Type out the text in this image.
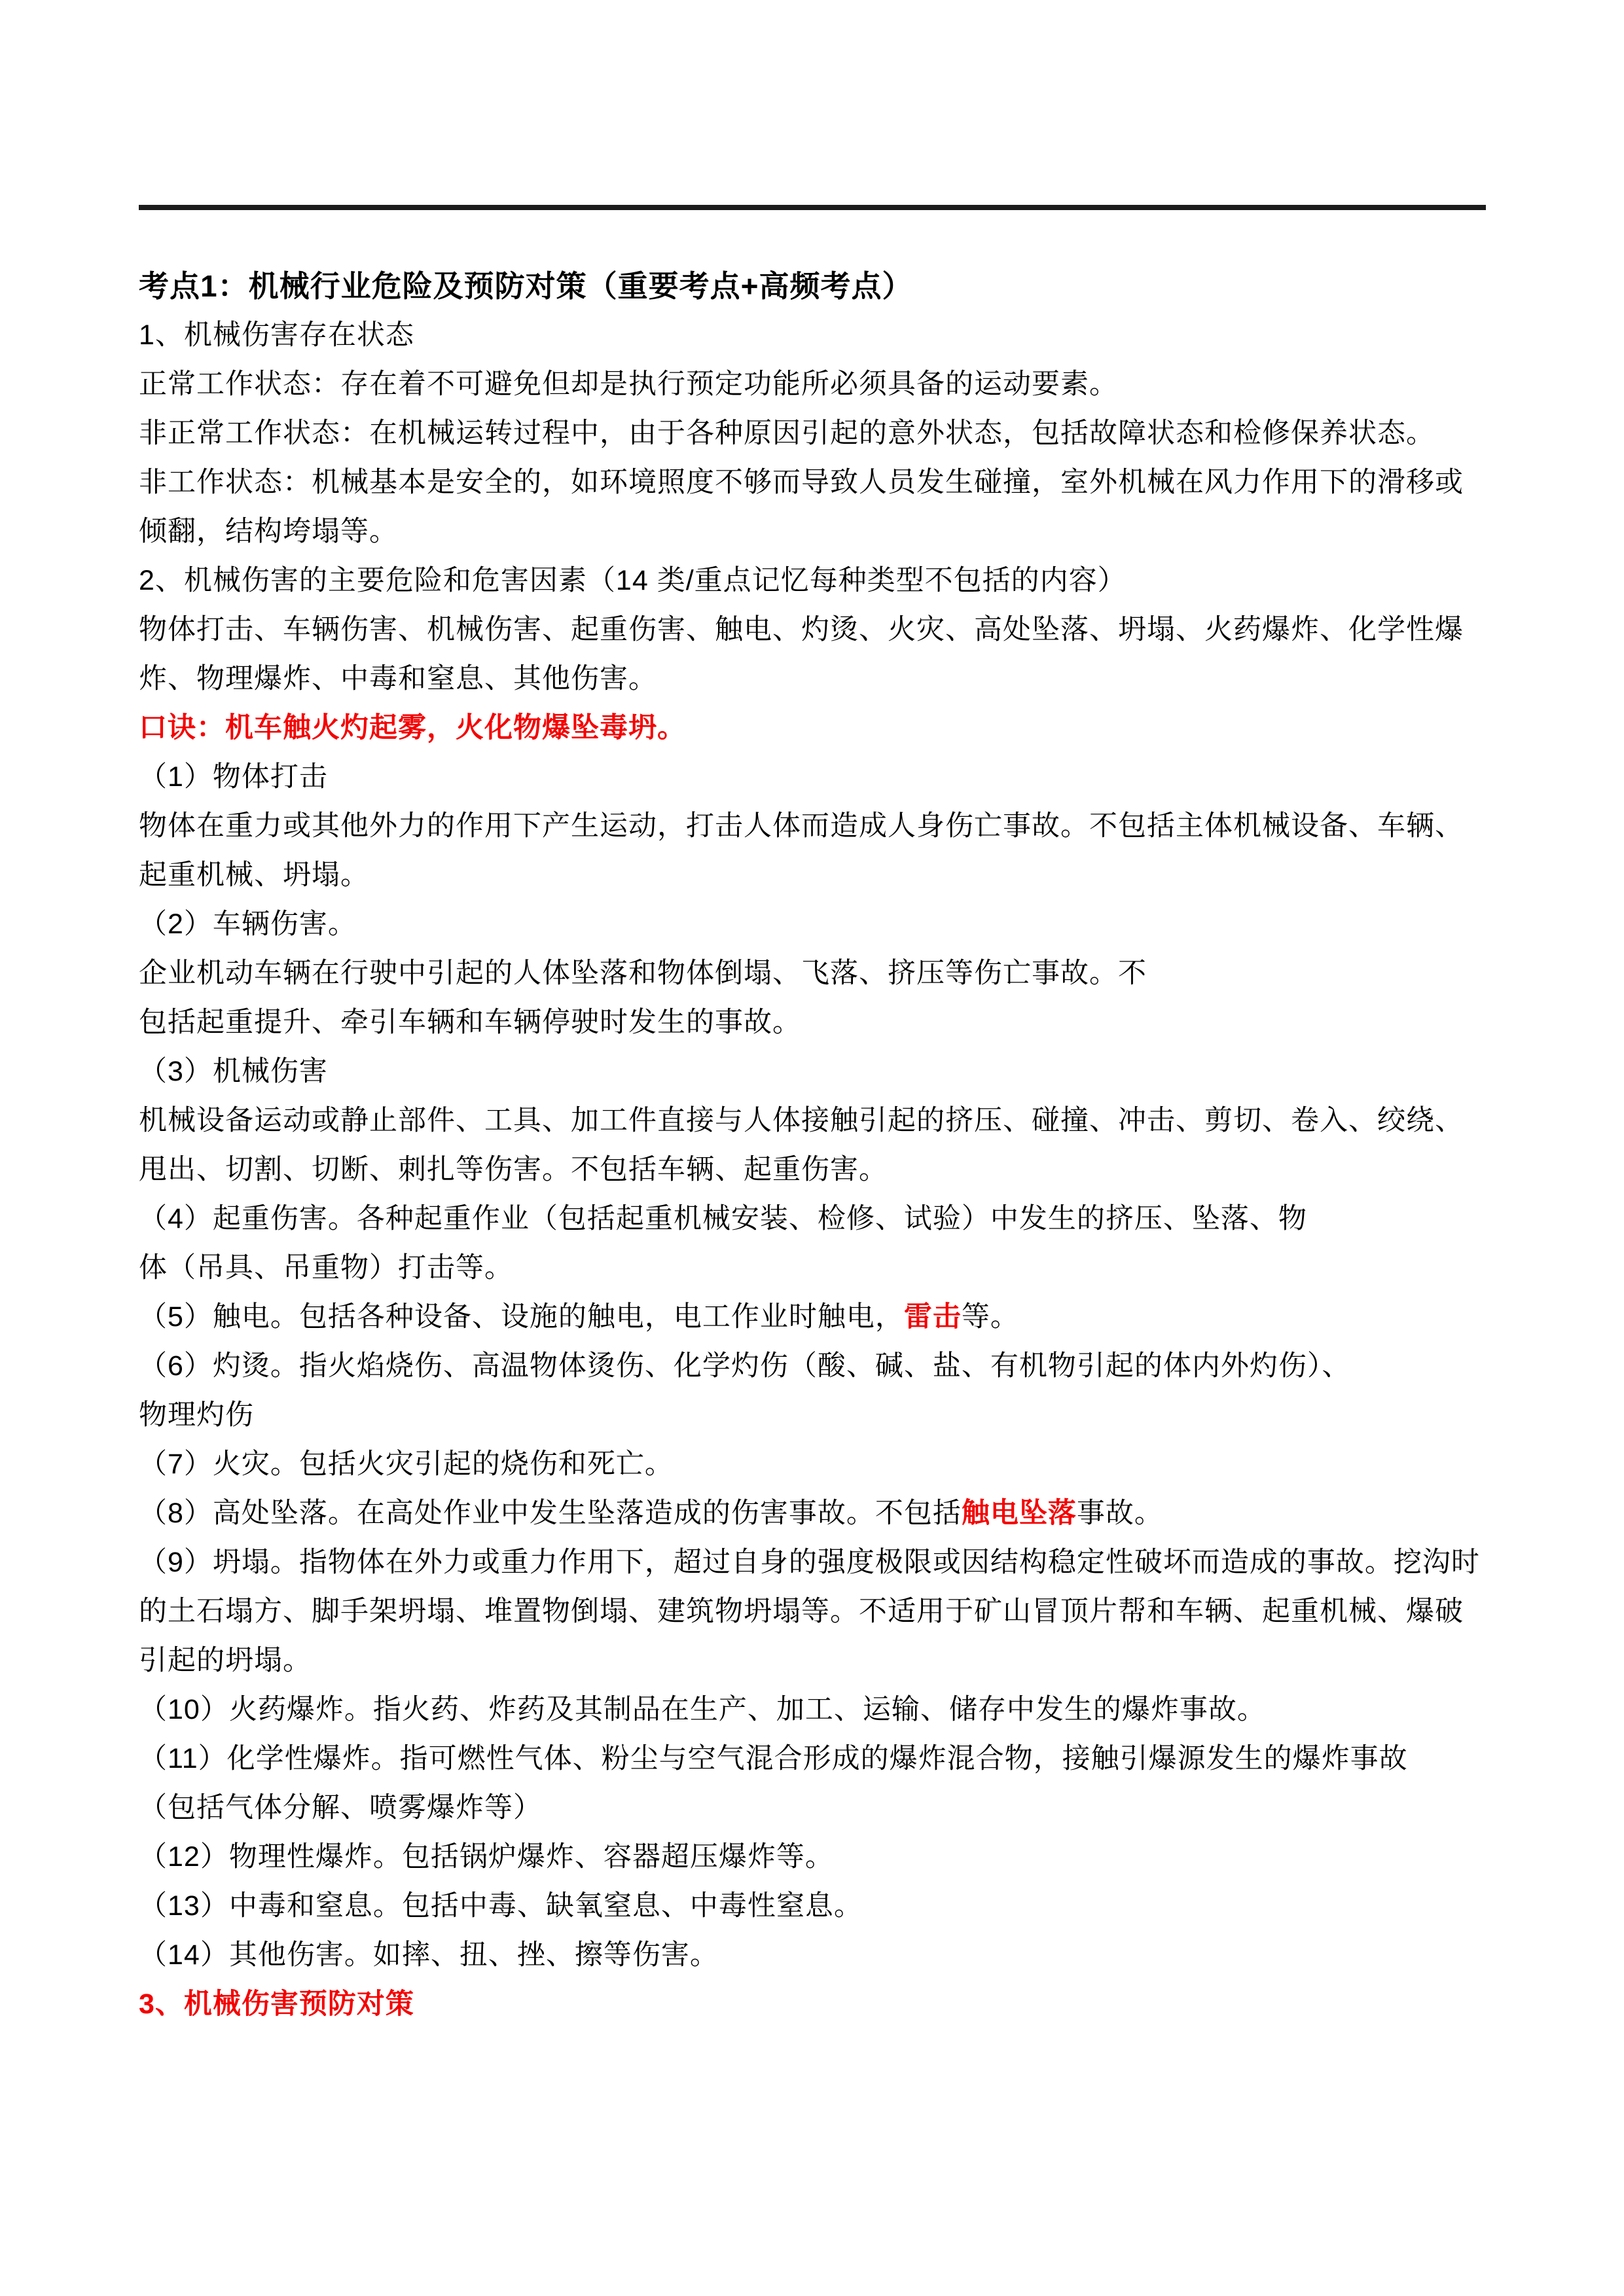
考点1：机械行业危险及预防对策（重要考点+高频考点）
1、机械伤害存在状态
正常工作状态：存在着不可避免但却是执行预定功能所必须具备的运动要素。
非正常工作状态：在机械运转过程中，由于各种原因引起的意外状态，包括故障状态和检修保养状态。
非工作状态：机械基本是安全的，如环境照度不够而导致人员发生碰撞，室外机械在风力作用下的滑移或
倾翻，结构垮塌等。
2、机械伤害的主要危险和危害因素（14 类/重点记忆每种类型不包括的内容）
物体打击、车辆伤害、机械伤害、起重伤害、触电、灼烫、火灾、高处坠落、坍塌、火药爆炸、化学性爆
炸、物理爆炸、中毒和窒息、其他伤害。
口诀：机车触火灼起雾，火化物爆坠毒坍。
（1）物体打击
物体在重力或其他外力的作用下产生运动，打击人体而造成人身伤亡事故。不包括主体机械设备、车辆、
起重机械、坍塌。
（2）车辆伤害。
企业机动车辆在行驶中引起的人体坠落和物体倒塌、飞落、挤压等伤亡事故。不
包括起重提升、牵引车辆和车辆停驶时发生的事故。
（3）机械伤害
机械设备运动或静止部件、工具、加工件直接与人体接触引起的挤压、碰撞、冲击、剪切、卷入、绞绕、
甩出、切割、切断、刺扎等伤害。不包括车辆、起重伤害。
（4）起重伤害。各种起重作业（包括起重机械安装、检修、试验）中发生的挤压、坠落、物
体（吊具、吊重物）打击等。
（5）触电。包括各种设备、设施的触电，电工作业时触电，雷击等。
（6）灼烫。指火焰烧伤、高温物体烫伤、化学灼伤（酸、碱、盐、有机物引起的体内外灼伤）、
物理灼伤
（7）火灾。包括火灾引起的烧伤和死亡。
（8）高处坠落。在高处作业中发生坠落造成的伤害事故。不包括触电坠落事故。
（9）坍塌。指物体在外力或重力作用下，超过自身的强度极限或因结构稳定性破坏而造成的事故。挖沟时
的土石塌方、脚手架坍塌、堆置物倒塌、建筑物坍塌等。不适用于矿山冒顶片帮和车辆、起重机械、爆破
引起的坍塌。
（10）火药爆炸。指火药、炸药及其制品在生产、加工、运输、储存中发生的爆炸事故。
（11）化学性爆炸。指可燃性气体、粉尘与空气混合形成的爆炸混合物，接触引爆源发生的爆炸事故
（包括气体分解、喷雾爆炸等）
（12）物理性爆炸。包括锅炉爆炸、容器超压爆炸等。
（13）中毒和窒息。包括中毒、缺氧窒息、中毒性窒息。
（14）其他伤害。如摔、扭、挫、擦等伤害。
3、机械伤害预防对策
